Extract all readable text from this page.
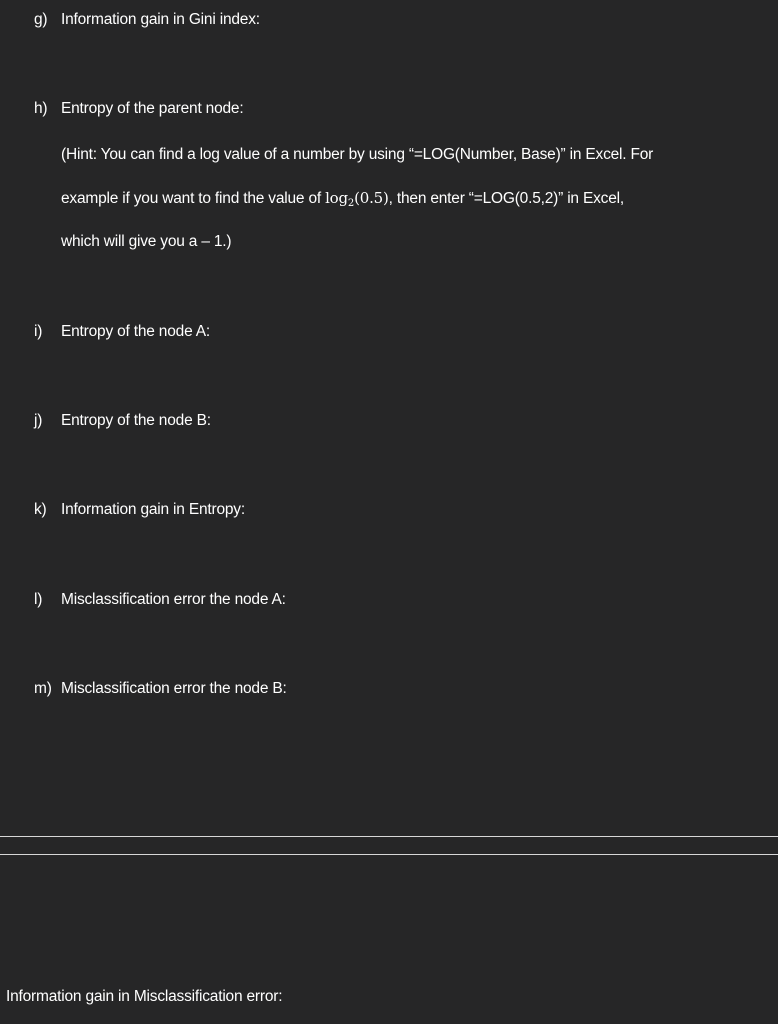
g) Information gain in Gini index:
h) Entropy of the parent node:
(Hint: You can find a log value of a number by using “=LOG(Number, Base)” in Excel. For
example if you want to find the value of $\log_2(0.5)$, then enter “=LOG(0.5,2)” in Excel,
which will give you a – 1.)
i) Entropy of the node A:
j) Entropy of the node B:
k) Information gain in Entropy:
l) Misclassification error the node A:
m) Misclassification error the node B:
Information gain in Misclassification error:
